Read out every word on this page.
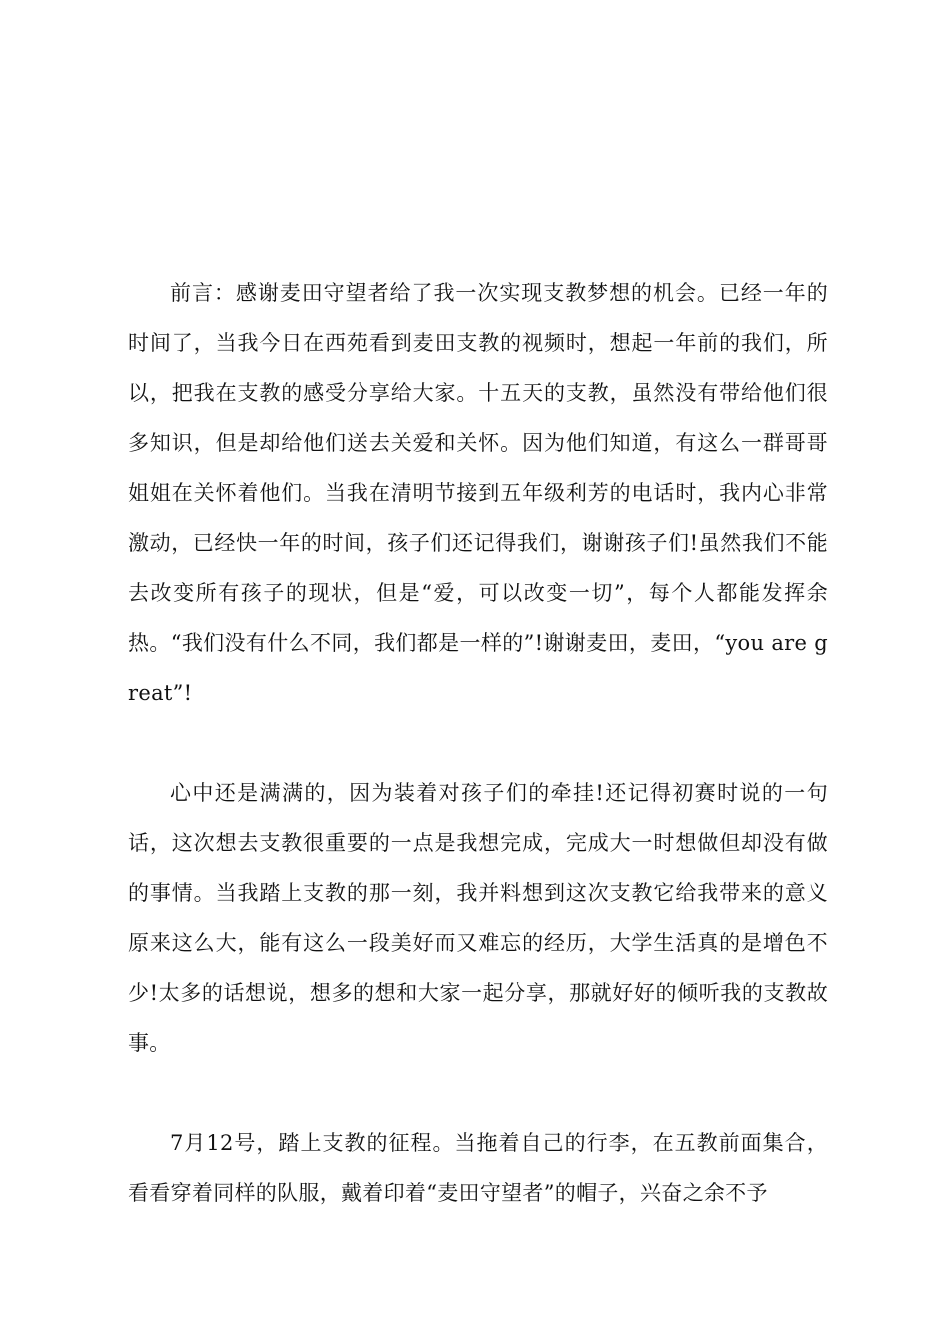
前言：感谢麦田守望者给了我一次实现支教梦想的机会。已经一年的时间了，当我今日在西苑看到麦田支教的视频时，想起一年前的我们，所以，把我在支教的感受分享给大家。十五天的支教，虽然没有带给他们很多知识，但是却给他们送去关爱和关怀。因为他们知道，有这么一群哥哥姐姐在关怀着他们。当我在清明节接到五年级利芳的电话时，我内心非常激动，已经快一年的时间，孩子们还记得我们，谢谢孩子们!虽然我们不能去改变所有孩子的现状，但是“爱，可以改变一切”，每个人都能发挥余热。“我们没有什么不同，我们都是一样的”!谢谢麦田，麦田，“you are great”!

心中还是满满的，因为装着对孩子们的牵挂!还记得初赛时说的一句话，这次想去支教很重要的一点是我想完成，完成大一时想做但却没有做的事情。当我踏上支教的那一刻，我并料想到这次支教它给我带来的意义原来这么大，能有这么一段美好而又难忘的经历，大学生活真的是增色不少!太多的话想说，想多的想和大家一起分享，那就好好的倾听我的支教故事。

7月12号，踏上支教的征程。当拖着自己的行李，在五教前面集合，看看穿着同样的队服，戴着印着“麦田守望者”的帽子，兴奋之余不予
